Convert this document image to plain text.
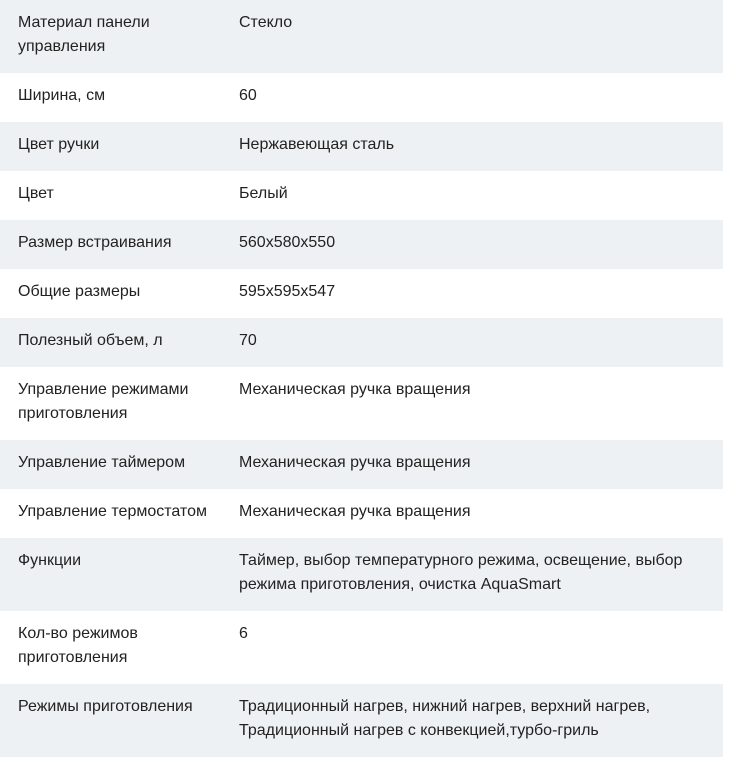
Материал панели управления	Стекло
Ширина, см	60
Цвет ручки	Нержавеющая сталь
Цвет	Белый
Размер встраивания	560x580x550
Общие размеры	595x595x547
Полезный объем, л	70
Управление режимами приготовления	Механическая ручка вращения
Управление таймером	Механическая ручка вращения
Управление термостатом	Механическая ручка вращения
Функции	Таймер, выбор температурного режима, освещение, выбор режима приготовления, очистка AquaSmart
Кол-во режимов приготовления	6
Режимы приготовления	Традиционный нагрев, нижний нагрев, верхний нагрев, Традиционный нагрев с конвекцией,турбо-гриль
